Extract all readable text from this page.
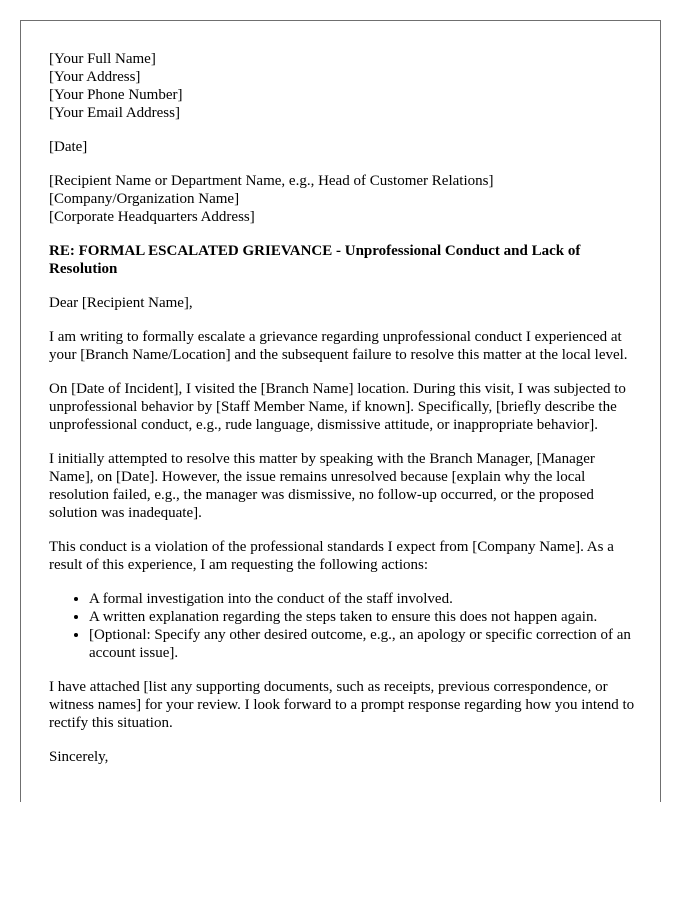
[Your Full Name]
[Your Address]
[Your Phone Number]
[Your Email Address]
[Date]
[Recipient Name or Department Name, e.g., Head of Customer Relations]
[Company/Organization Name]
[Corporate Headquarters Address]
RE: FORMAL ESCALATED GRIEVANCE - Unprofessional Conduct and Lack of Resolution

Dear [Recipient Name],

I am writing to formally escalate a grievance regarding unprofessional conduct I experienced at your [Branch Name/Location] and the subsequent failure to resolve this matter at the local level.

On [Date of Incident], I visited the [Branch Name] location. During this visit, I was subjected to unprofessional behavior by [Staff Member Name, if known]. Specifically, [briefly describe the unprofessional conduct, e.g., rude language, dismissive attitude, or inappropriate behavior].

I initially attempted to resolve this matter by speaking with the Branch Manager, [Manager Name], on [Date]. However, the issue remains unresolved because [explain why the local resolution failed, e.g., the manager was dismissive, no follow-up occurred, or the proposed solution was inadequate].

This conduct is a violation of the professional standards I expect from [Company Name]. As a result of this experience, I am requesting the following actions:

• A formal investigation into the conduct of the staff involved.
• A written explanation regarding the steps taken to ensure this does not happen again.
• [Optional: Specify any other desired outcome, e.g., an apology or specific correction of an account issue].

I have attached [list any supporting documents, such as receipts, previous correspondence, or witness names] for your review. I look forward to a prompt response regarding how you intend to rectify this situation.

Sincerely,
